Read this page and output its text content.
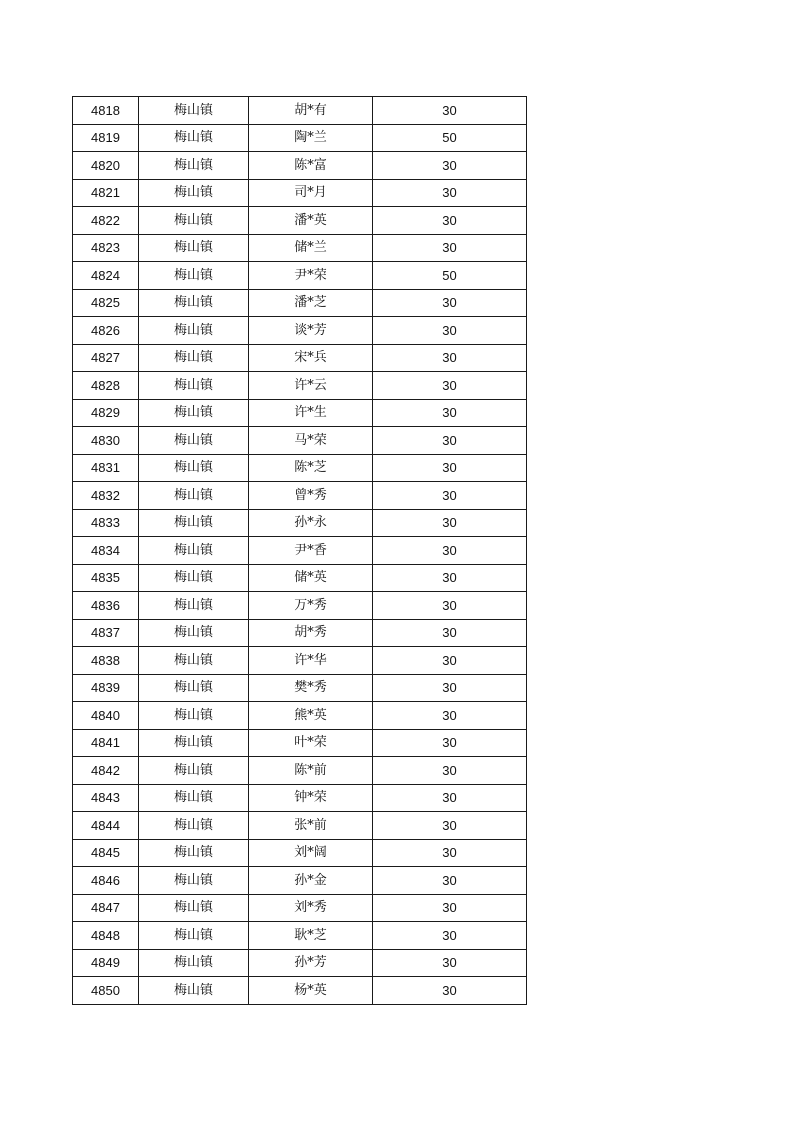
4818	梅山镇	胡*有	30
4819	梅山镇	陶*兰	50
4820	梅山镇	陈*富	30
4821	梅山镇	司*月	30
4822	梅山镇	潘*英	30
4823	梅山镇	储*兰	30
4824	梅山镇	尹*荣	50
4825	梅山镇	潘*芝	30
4826	梅山镇	谈*芳	30
4827	梅山镇	宋*兵	30
4828	梅山镇	许*云	30
4829	梅山镇	许*生	30
4830	梅山镇	马*荣	30
4831	梅山镇	陈*芝	30
4832	梅山镇	曾*秀	30
4833	梅山镇	孙*永	30
4834	梅山镇	尹*香	30
4835	梅山镇	储*英	30
4836	梅山镇	万*秀	30
4837	梅山镇	胡*秀	30
4838	梅山镇	许*华	30
4839	梅山镇	樊*秀	30
4840	梅山镇	熊*英	30
4841	梅山镇	叶*荣	30
4842	梅山镇	陈*前	30
4843	梅山镇	钟*荣	30
4844	梅山镇	张*前	30
4845	梅山镇	刘*阔	30
4846	梅山镇	孙*金	30
4847	梅山镇	刘*秀	30
4848	梅山镇	耿*芝	30
4849	梅山镇	孙*芳	30
4850	梅山镇	杨*英	30
